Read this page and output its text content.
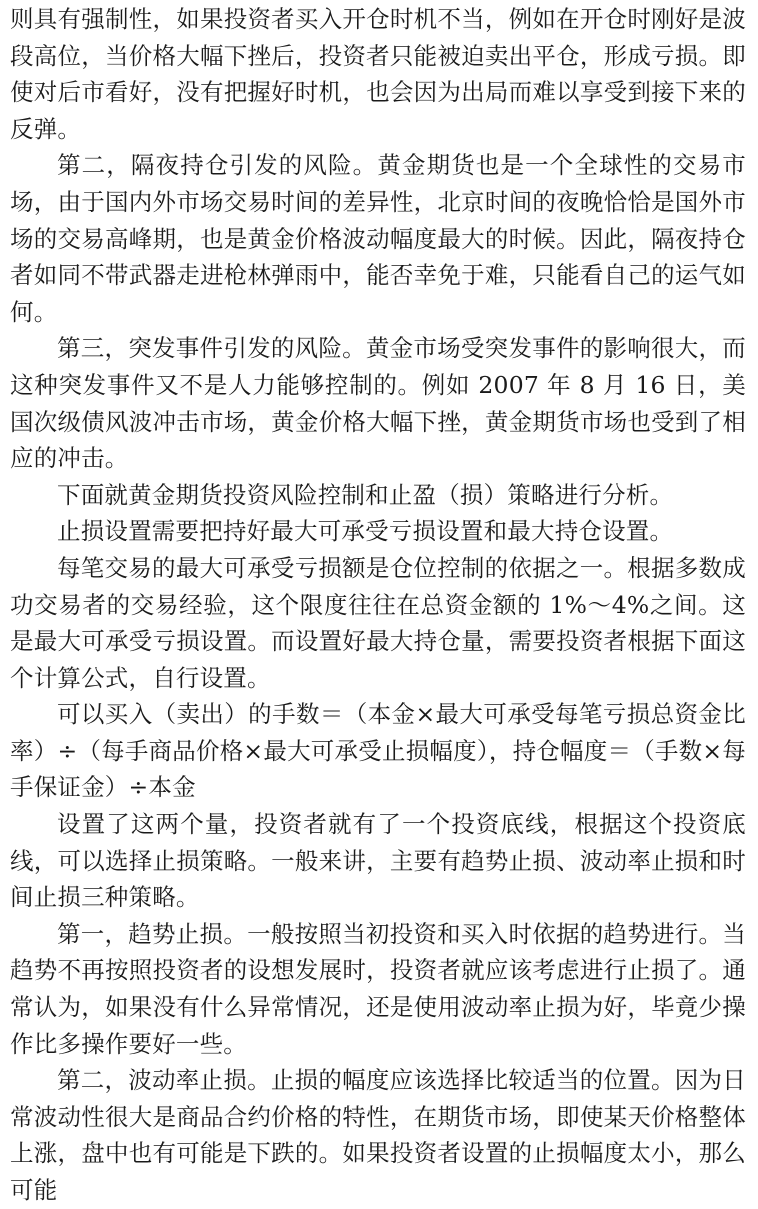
则具有强制性，如果投资者买入开仓时机不当，例如在开仓时刚好是波段高位，当价格大幅下挫后，投资者只能被迫卖出平仓，形成亏损。即使对后市看好，没有把握好时机，也会因为出局而难以享受到接下来的反弹。

第二，隔夜持仓引发的风险。黄金期货也是一个全球性的交易市场，由于国内外市场交易时间的差异性，北京时间的夜晚恰恰是国外市场的交易高峰期，也是黄金价格波动幅度最大的时候。因此，隔夜持仓者如同不带武器走进枪林弹雨中，能否幸免于难，只能看自己的运气如何。

第三，突发事件引发的风险。黄金市场受突发事件的影响很大，而这种突发事件又不是人力能够控制的。例如 2007 年 8 月 16 日，美国次级债风波冲击市场，黄金价格大幅下挫，黄金期货市场也受到了相应的冲击。

下面就黄金期货投资风险控制和止盈（损）策略进行分析。

止损设置需要把持好最大可承受亏损设置和最大持仓设置。

每笔交易的最大可承受亏损额是仓位控制的依据之一。根据多数成功交易者的交易经验，这个限度往往在总资金额的 1%～4%之间。这是最大可承受亏损设置。而设置好最大持仓量，需要投资者根据下面这个计算公式，自行设置。

可以买入（卖出）的手数＝（本金×最大可承受每笔亏损总资金比率）÷（每手商品价格×最大可承受止损幅度），持仓幅度＝（手数×每手保证金）÷本金

设置了这两个量，投资者就有了一个投资底线，根据这个投资底线，可以选择止损策略。一般来讲，主要有趋势止损、波动率止损和时间止损三种策略。

第一，趋势止损。一般按照当初投资和买入时依据的趋势进行。当趋势不再按照投资者的设想发展时，投资者就应该考虑进行止损了。通常认为，如果没有什么异常情况，还是使用波动率止损为好，毕竟少操作比多操作要好一些。

第二，波动率止损。止损的幅度应该选择比较适当的位置。因为日常波动性很大是商品合约价格的特性，在期货市场，即使某天价格整体上涨，盘中也有可能是下跌的。如果投资者设置的止损幅度太小，那么可能
